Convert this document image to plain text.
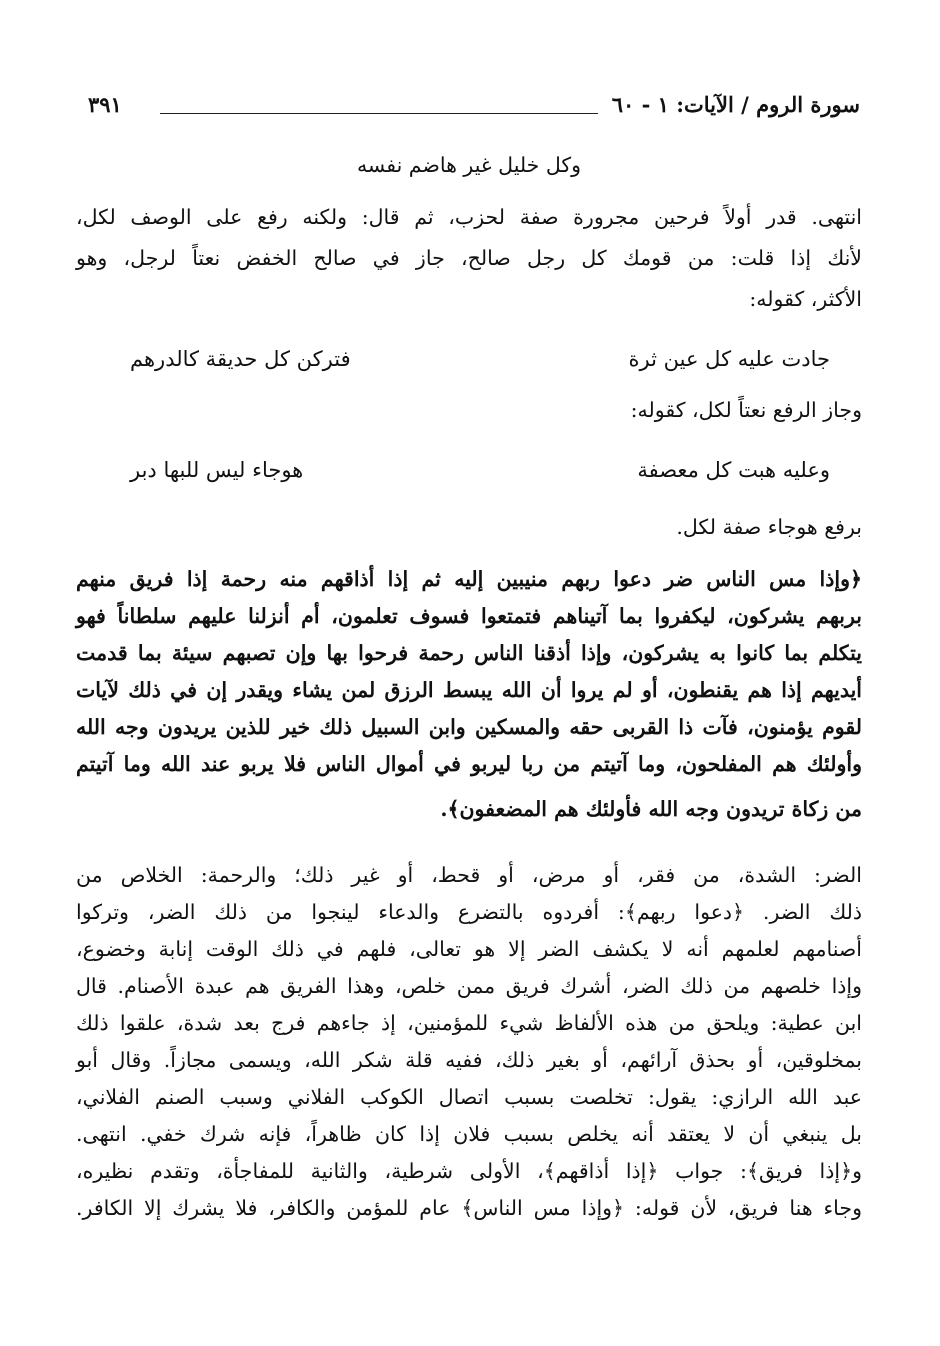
سورة الروم / الآيات: ١ - ٦٠
٣٩١
وكل خليل غير هاضم نفسه
انتهى. قدر أولاً فرحين مجرورة صفة لحزب، ثم قال: ولكنه رفع على الوصف لكل،
لأنك إذا قلت: من قومك كل رجل صالح، جاز في صالح الخفض نعتاً لرجل، وهو
الأكثر، كقوله:
جادت عليه كل عين ثرة
فتركن كل حديقة كالدرهم
وجاز الرفع نعتاً لكل، كقوله:
وعليه هبت كل معصفة
هوجاء ليس للبها دبر
برفع هوجاء صفة لكل.
﴿وإذا مس الناس ضر دعوا ربهم منيبين إليه ثم إذا أذاقهم منه رحمة إذا فريق منهم
بربهم يشركون، ليكفروا بما آتيناهم فتمتعوا فسوف تعلمون، أم أنزلنا عليهم سلطاناً فهو
يتكلم بما كانوا به يشركون، وإذا أذقنا الناس رحمة فرحوا بها وإن تصبهم سيئة بما قدمت
أيديهم إذا هم يقنطون، أو لم يروا أن الله يبسط الرزق لمن يشاء ويقدر إن في ذلك لآيات
لقوم يؤمنون، فآت ذا القربى حقه والمسكين وابن السبيل ذلك خير للذين يريدون وجه الله
وأولئك هم المفلحون، وما آتيتم من ربا ليربو في أموال الناس فلا يربو عند الله وما آتيتم
من زكاة تريدون وجه الله فأولئك هم المضعفون﴾.
الضر: الشدة، من فقر، أو مرض، أو قحط، أو غير ذلك؛ والرحمة: الخلاص من
ذلك الضر. ﴿دعوا ربهم﴾: أفردوه بالتضرع والدعاء لينجوا من ذلك الضر، وتركوا
أصنامهم لعلمهم أنه لا يكشف الضر إلا هو تعالى، فلهم في ذلك الوقت إنابة وخضوع،
وإذا خلصهم من ذلك الضر، أشرك فريق ممن خلص، وهذا الفريق هم عبدة الأصنام. قال
ابن عطية: ويلحق من هذه الألفاظ شيء للمؤمنين، إذ جاءهم فرج بعد شدة، علقوا ذلك
بمخلوقين، أو بحذق آرائهم، أو بغير ذلك، ففيه قلة شكر الله، ويسمى مجازاً. وقال أبو
عبد الله الرازي: يقول: تخلصت بسبب اتصال الكوكب الفلاني وسبب الصنم الفلاني،
بل ينبغي أن لا يعتقد أنه يخلص بسبب فلان إذا كان ظاهراً، فإنه شرك خفي. انتهى.
و﴿إذا فريق﴾: جواب ﴿إذا أذاقهم﴾، الأولى شرطية، والثانية للمفاجأة، وتقدم نظيره،
وجاء هنا فريق، لأن قوله: ﴿وإذا مس الناس﴾ عام للمؤمن والكافر، فلا يشرك إلا الكافر.
